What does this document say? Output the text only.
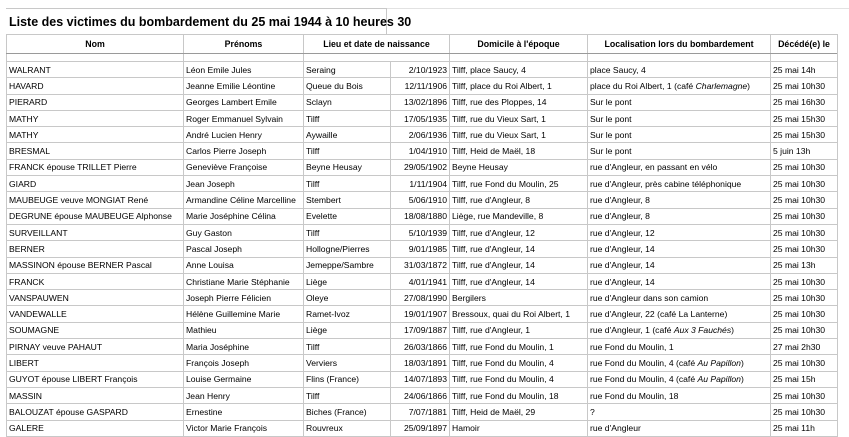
Liste des victimes du bombardement du 25 mai 1944 à 10 heures 30
Nom	Prénoms	Lieu et date de naissance		Domicile à l'époque	Localisation lors du bombardement	Décédé(e) le

WALRANT	Léon Emile Jules	Seraing	2/10/1923	Tilff, place Saucy, 4	place Saucy, 4	25 mai 14h
HAVARD	Jeanne Emilie Léontine	Queue du Bois	12/11/1906	Tilff, place du Roi Albert, 1	place du Roi Albert, 1 (café Charlemagne)	25 mai 10h30
PIERARD	Georges Lambert Emile	Sclayn	13/02/1896	Tilff, rue des Ploppes, 14	Sur le pont	25 mai 16h30
MATHY	Roger Emmanuel Sylvain	Tilff	17/05/1935	Tilff, rue du Vieux Sart, 1	Sur le pont	25 mai 15h30
MATHY	André Lucien Henry	Aywaille	2/06/1936	Tilff, rue du Vieux Sart, 1	Sur le pont	25 mai 15h30
BRESMAL	Carlos Pierre Joseph	Tilff	1/04/1910	Tilff, Heid de Maël, 18	Sur le pont	5 juin 13h
FRANCK épouse TRILLET Pierre	Geneviève Françoise	Beyne Heusay	29/05/1902	Beyne Heusay	rue d'Angleur, en passant en vélo	25 mai 10h30
GIARD	Jean Joseph	Tilff	1/11/1904	Tilff, rue Fond du Moulin, 25	rue d'Angleur, près cabine téléphonique	25 mai 10h30
MAUBEUGE veuve MONGIAT René	Armandine Céline Marcelline	Stembert	5/06/1910	Tilff, rue d'Angleur, 8	rue d'Angleur, 8	25 mai 10h30
DEGRUNE épouse MAUBEUGE Alphonse	Marie Joséphine Célina	Evelette	18/08/1880	Liège, rue Mandeville, 8	rue d'Angleur, 8	25 mai 10h30
SURVEILLANT	Guy Gaston	Tilff	5/10/1939	Tilff, rue d'Angleur, 12	rue d'Angleur, 12	25 mai 10h30
BERNER	Pascal Joseph	Hollogne/Pierres	9/01/1985	Tilff, rue d'Angleur, 14	rue d'Angleur, 14	25 mai 10h30
MASSINON épouse BERNER Pascal	Anne Louisa	Jemeppe/Sambre	31/03/1872	Tilff, rue d'Angleur, 14	rue d'Angleur, 14	25 mai 13h
FRANCK	Christiane Marie Stéphanie	Liège	4/01/1941	Tilff, rue d'Angleur, 14	rue d'Angleur, 14	25 mai 10h30
VANSPAUWEN	Joseph Pierre Félicien	Oleye	27/08/1990	Bergilers	rue d'Angleur dans son camion	25 mai 10h30
VANDEWALLE	Hélène Guillemine Marie	Ramet-Ivoz	19/01/1907	Bressoux, quai du Roi Albert, 1	rue d'Angleur, 22 (café La Lanterne)	25 mai 10h30
SOUMAGNE	Mathieu	Liège	17/09/1887	Tilff, rue d'Angleur, 1	rue d'Angleur, 1 (café Aux 3 Fauchés)	25 mai 10h30
PIRNAY veuve PAHAUT	Maria Joséphine	Tilff	26/03/1866	Tilff, rue Fond du Moulin, 1	rue Fond du Moulin, 1	27 mai 2h30
LIBERT	François Joseph	Verviers	18/03/1891	Tilff, rue Fond du Moulin, 4	rue Fond du Moulin, 4 (café Au Papillon)	25 mai 10h30
GUYOT épouse LIBERT François	Louise Germaine	Flins (France)	14/07/1893	Tilff, rue Fond du Moulin, 4	rue Fond du Moulin, 4 (café Au Papillon)	25 mai 15h
MASSIN	Jean Henry	Tilff	24/06/1866	Tilff, rue Fond du Moulin, 18	rue Fond du Moulin, 18	25 mai 10h30
BALOUZAT épouse GASPARD	Ernestine	Biches (France)	7/07/1881	Tilff, Heid de Maël, 29	?	25 mai 10h30
GALERE	Victor Marie François	Rouvreux	25/09/1897	Hamoir	rue d'Angleur	25 mai 11h
